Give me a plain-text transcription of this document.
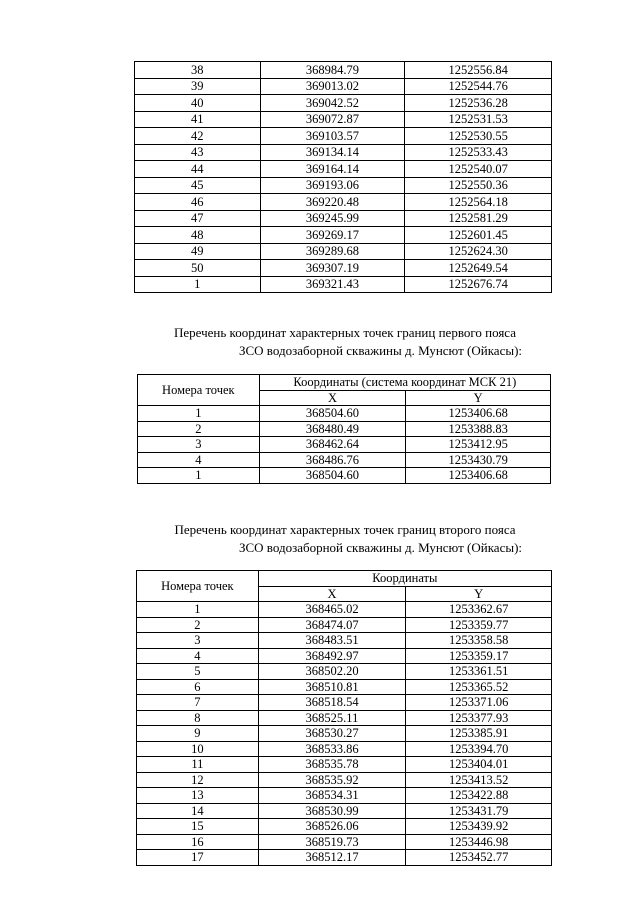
38	368984.79	1252556.84
39	369013.02	1252544.76
40	369042.52	1252536.28
41	369072.87	1252531.53
42	369103.57	1252530.55
43	369134.14	1252533.43
44	369164.14	1252540.07
45	369193.06	1252550.36
46	369220.48	1252564.18
47	369245.99	1252581.29
48	369269.17	1252601.45
49	369289.68	1252624.30
50	369307.19	1252649.54
1	369321.43	1252676.74
Перечень координат характерных точек границ первого пояса
ЗСО водозаборной скважины д. Мунсют (Ойкасы):
Номера точек	Координаты (система координат МСК 21)	
	X	Y
1	368504.60	1253406.68
2	368480.49	1253388.83
3	368462.64	1253412.95
4	368486.76	1253430.79
1	368504.60	1253406.68
Перечень координат характерных точек границ второго пояса
ЗСО водозаборной скважины д. Мунсют (Ойкасы):
Номера точек	Координаты	
	X	Y
1	368465.02	1253362.67
2	368474.07	1253359.77
3	368483.51	1253358.58
4	368492.97	1253359.17
5	368502.20	1253361.51
6	368510.81	1253365.52
7	368518.54	1253371.06
8	368525.11	1253377.93
9	368530.27	1253385.91
10	368533.86	1253394.70
11	368535.78	1253404.01
12	368535.92	1253413.52
13	368534.31	1253422.88
14	368530.99	1253431.79
15	368526.06	1253439.92
16	368519.73	1253446.98
17	368512.17	1253452.77
